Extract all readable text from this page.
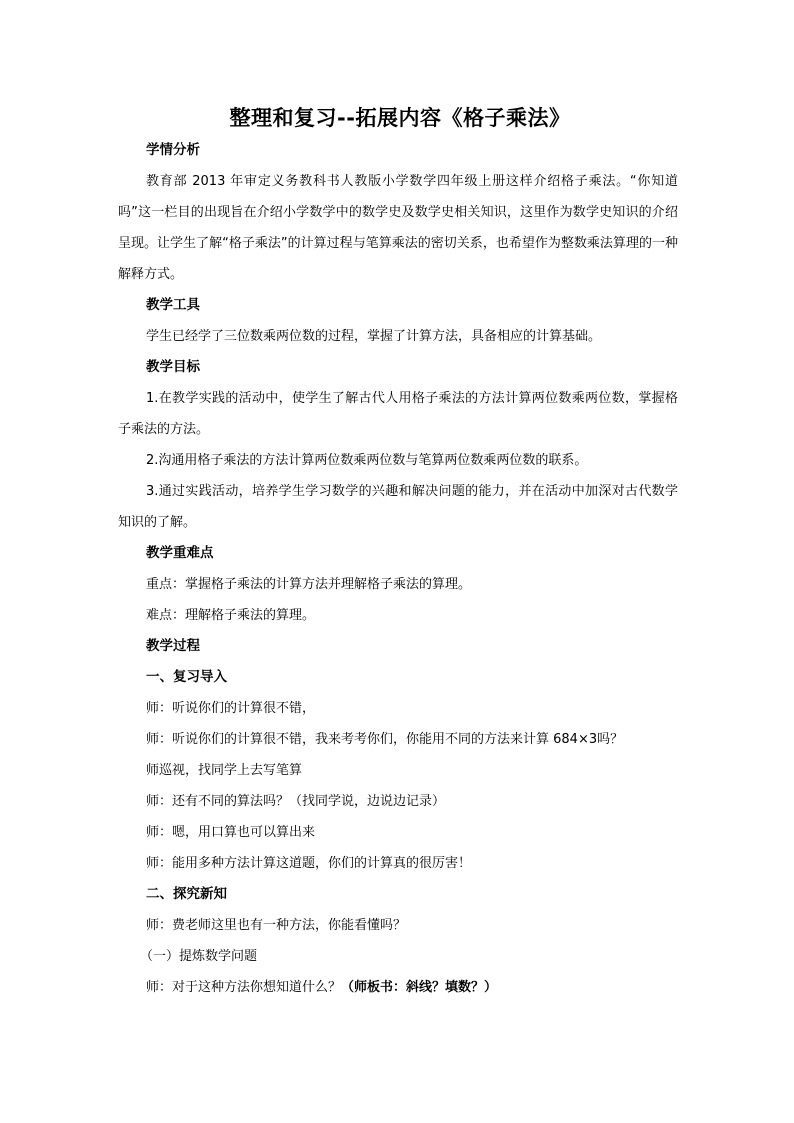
整理和复习--拓展内容《格子乘法》
学情分析

教育部 2013 年审定义务教科书人教版小学数学四年级上册这样介绍格子乘法。“你知道吗”这一栏目的出现旨在介绍小学数学中的数学史及数学史相关知识，这里作为数学史知识的介绍呈现。让学生了解“格子乘法”的计算过程与笔算乘法的密切关系，也希望作为整数乘法算理的一种解释方式。

教学工具

学生已经学了三位数乘两位数的过程，掌握了计算方法，具备相应的计算基础。

教学目标

1.在教学实践的活动中，使学生了解古代人用格子乘法的方法计算两位数乘两位数，掌握格子乘法的方法。

2.沟通用格子乘法的方法计算两位数乘两位数与笔算两位数乘两位数的联系。

3.通过实践活动，培养学生学习数学的兴趣和解决问题的能力，并在活动中加深对古代数学知识的了解。

教学重难点

重点：掌握格子乘法的计算方法并理解格子乘法的算理。

难点：理解格子乘法的算理。

教学过程
一、复习导入

师：听说你们的计算很不错，

师：听说你们的计算很不错，我来考考你们，你能用不同的方法来计算 684×3吗？

师巡视，找同学上去写笔算

师：还有不同的算法吗？（找同学说，边说边记录）

师：嗯，用口算也可以算出来

师：能用多种方法计算这道题，你们的计算真的很厉害！

二、探究新知

师：费老师这里也有一种方法，你能看懂吗？

（一）提炼数学问题

师：对于这种方法你想知道什么？（师板书：斜线？填数？）
